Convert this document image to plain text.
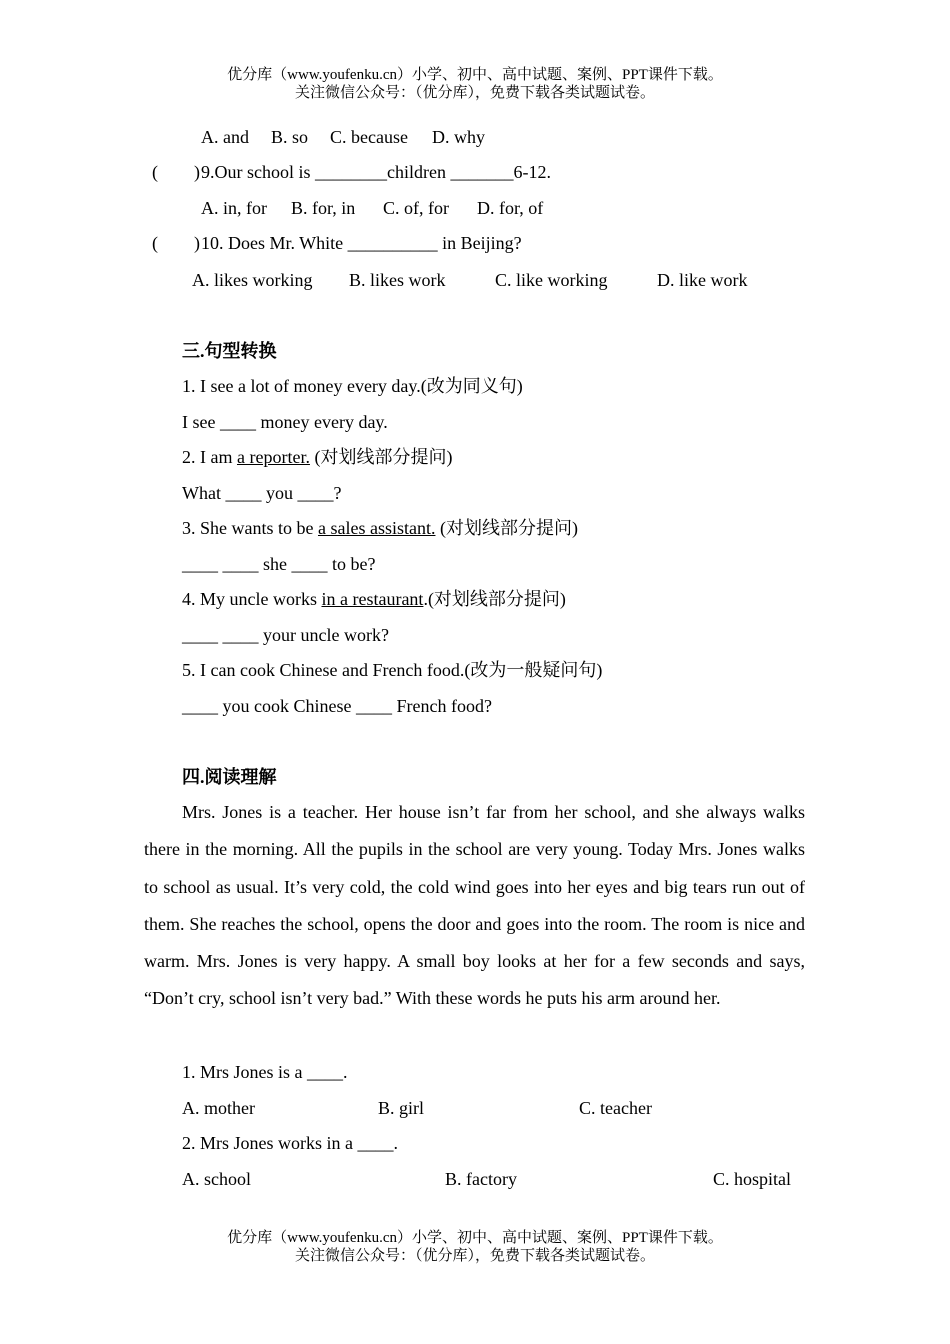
优分库（www.youfenku.cn）小学、初中、高中试题、案例、PPT课件下载。
关注微信公众号：（优分库），免费下载各类试题试卷。
A. and B. so C. because D. why
(　　) 9.Our school is ________children _______6-12.
A. in, for B. for, in C. of, for D. for, of
(　　) 10. Does Mr. White __________ in Beijing?
A. likes working B. likes work	C. like working	D. like work
三.句型转换
1. I see a lot of money every day.(改为同义句)
I see ____ money every day.
2. I am a reporter. (对划线部分提问)
What ____ you ____?
3. She wants to be a sales assistant. (对划线部分提问)
____ ____ she ____ to be?
4. My uncle works in a restaurant.(对划线部分提问)
____ ____ your uncle work?
5. I can cook Chinese and French food.(改为一般疑问句)
____ you cook Chinese ____ French food?
四.阅读理解
Mrs. Jones is a teacher. Her house isn’t far from her school, and she always walks there in the morning. All the pupils in the school are very young. Today Mrs. Jones walks to school as usual. It’s very cold, the cold wind goes into her eyes and big tears run out of them. She reaches the school, opens the door and goes into the room. The room is nice and warm. Mrs. Jones is very happy. A small boy looks at her for a few seconds and says, “Don’t cry, school isn’t very bad.” With these words he puts his arm around her.
1. Mrs Jones is a ____.
A. mother	B. girl	C. teacher
2. Mrs Jones works in a ____.
A. school	B. factory	C. hospital
优分库（www.youfenku.cn）小学、初中、高中试题、案例、PPT课件下载。
关注微信公众号：（优分库），免费下载各类试题试卷。
